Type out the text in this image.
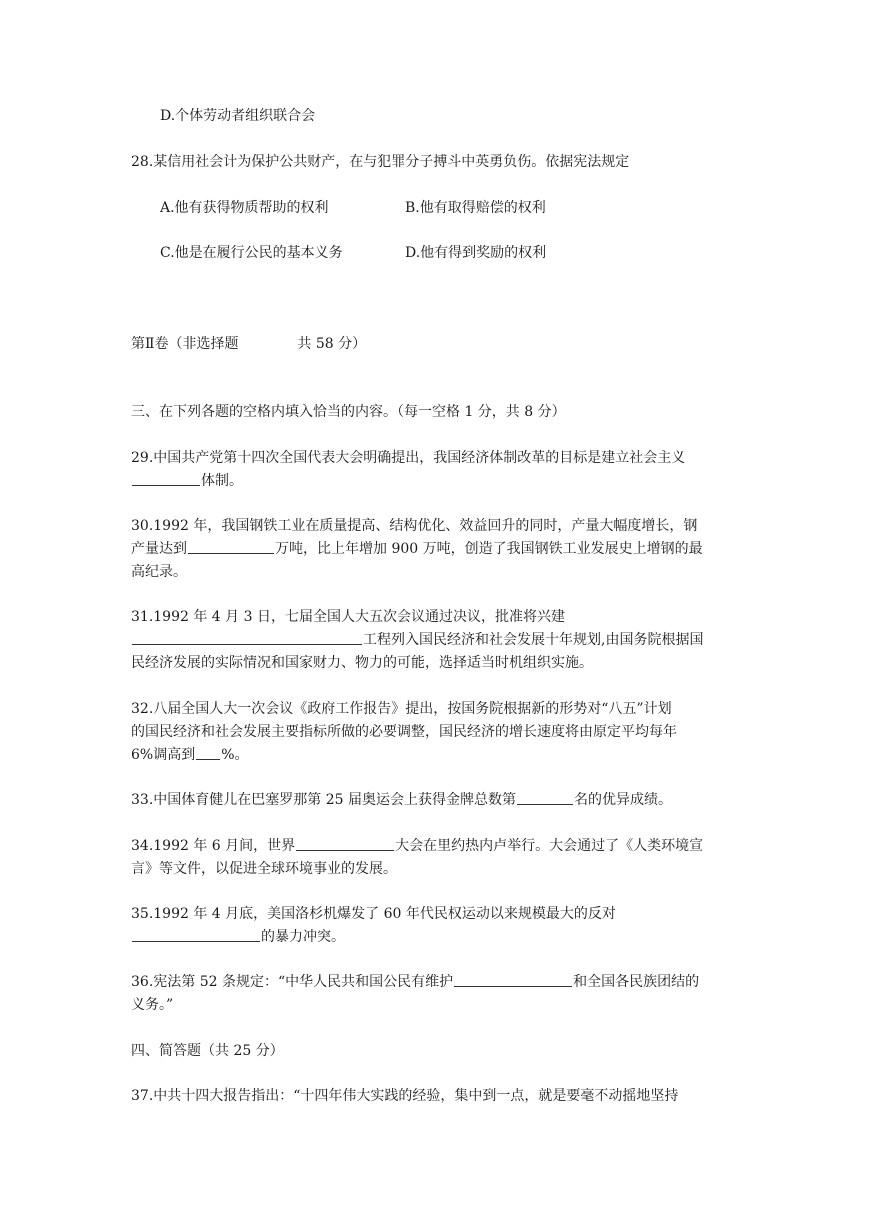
D.个体劳动者组织联合会
28.某信用社会计为保护公共财产，在与犯罪分子搏斗中英勇负伤。依据宪法规定
A.他有获得物质帮助的权利	B.他有取得赔偿的权利
C.他是在履行公民的基本义务	D.他有得到奖励的权利
第Ⅱ卷（非选择题	共 58 分）
三、在下列各题的空格内填入恰当的内容。（每一空格 1 分，共 8 分）
29.中国共产党第十四次全国代表大会明确提出，我国经济体制改革的目标是建立社会主义
体制。
30.1992 年，我国钢铁工业在质量提高、结构优化、效益回升的同时，产量大幅度增长，钢
产量达到	万吨，比上年增加 900 万吨，创造了我国钢铁工业发展史上增钢的最
高纪录。
31.1992 年 4 月 3 日，七届全国人大五次会议通过决议，批准将兴建
工程列入国民经济和社会发展十年规划,由国务院根据国
民经济发展的实际情况和国家财力、物力的可能，选择适当时机组织实施。
32.八届全国人大一次会议《政府工作报告》提出，按国务院根据新的形势对“八五”计划
的国民经济和社会发展主要指标所做的必要调整，国民经济的增长速度将由原定平均每年
6%调高到 %。
33.中国体育健儿在巴塞罗那第 25 届奥运会上获得金牌总数第	名的优异成绩。
34.1992 年 6 月间，世界	大会在里约热内卢举行。大会通过了《人类环境宣
言》等文件，以促进全球环境事业的发展。
35.1992 年 4 月底，美国洛杉机爆发了 60 年代民权运动以来规模最大的反对
的暴力冲突。
36.宪法第 52 条规定：“中华人民共和国公民有维护	和全国各民族团结的
义务。”
四、简答题（共 25 分）
37.中共十四大报告指出：“十四年伟大实践的经验，集中到一点，就是要毫不动摇地坚持
